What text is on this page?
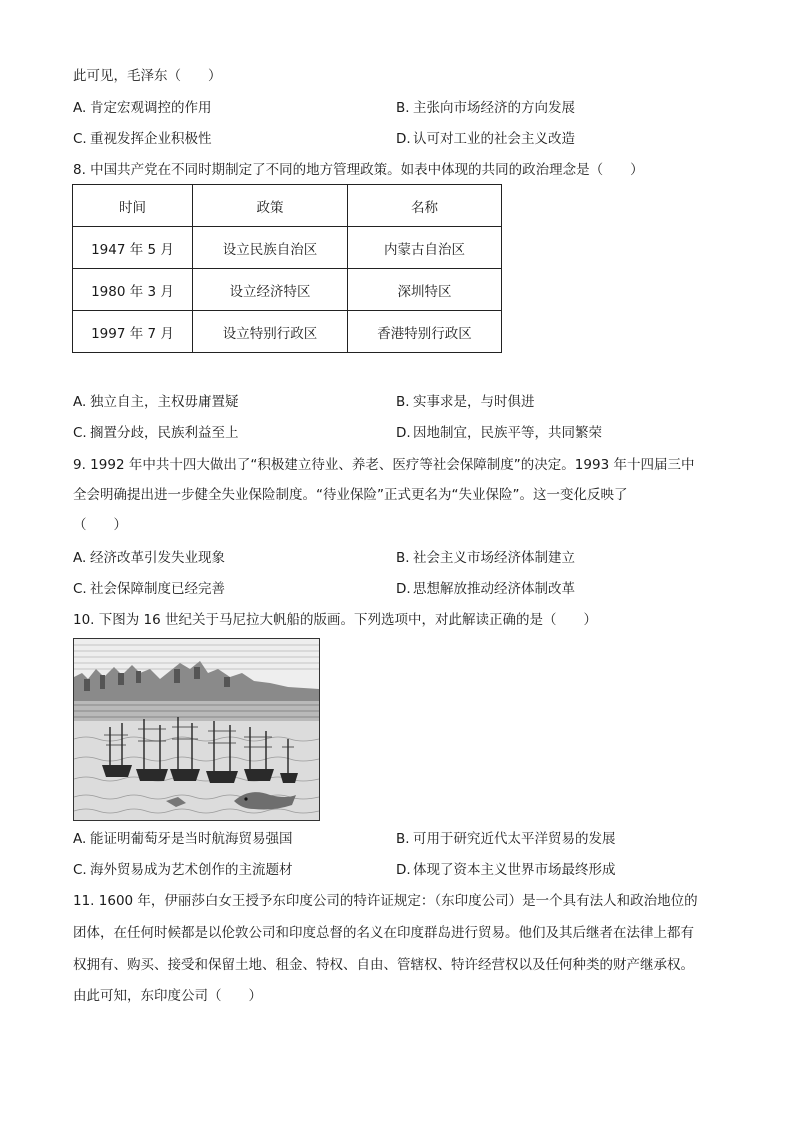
此可见，毛泽东（　　）
A. 肯定宏观调控的作用	B. 主张向市场经济的方向发展
C. 重视发挥企业积极性	D. 认可对工业的社会主义改造
8. 中国共产党在不同时期制定了不同的地方管理政策。如表中体现的共同的政治理念是（　　）
时间	政策	名称
1947 年 5 月	设立民族自治区	内蒙古自治区
1980 年 3 月	设立经济特区	深圳特区
1997 年 7 月	设立特别行政区	香港特别行政区
A. 独立自主，主权毋庸置疑	B. 实事求是，与时俱进
C. 搁置分歧，民族利益至上	D. 因地制宜，民族平等，共同繁荣
9. 1992 年中共十四大做出了“积极建立待业、养老、医疗等社会保障制度”的决定。1993 年十四届三中
全会明确提出进一步健全失业保险制度。“待业保险”正式更名为“失业保险”。这一变化反映了
（　　）
A. 经济改革引发失业现象	B. 社会主义市场经济体制建立
C. 社会保障制度已经完善	D. 思想解放推动经济体制改革
10. 下图为 16 世纪关于马尼拉大帆船的版画。下列选项中，对此解读正确的是（　　）
A. 能证明葡萄牙是当时航海贸易强国	B. 可用于研究近代太平洋贸易的发展
C. 海外贸易成为艺术创作的主流题材	D. 体现了资本主义世界市场最终形成
11. 1600 年，伊丽莎白女王授予东印度公司的特许证规定：（东印度公司）是一个具有法人和政治地位的
团体，在任何时候都是以伦敦公司和印度总督的名义在印度群岛进行贸易。他们及其后继者在法律上都有
权拥有、购买、接受和保留土地、租金、特权、自由、管辖权、特许经营权以及任何种类的财产继承权。
由此可知，东印度公司（　　）
